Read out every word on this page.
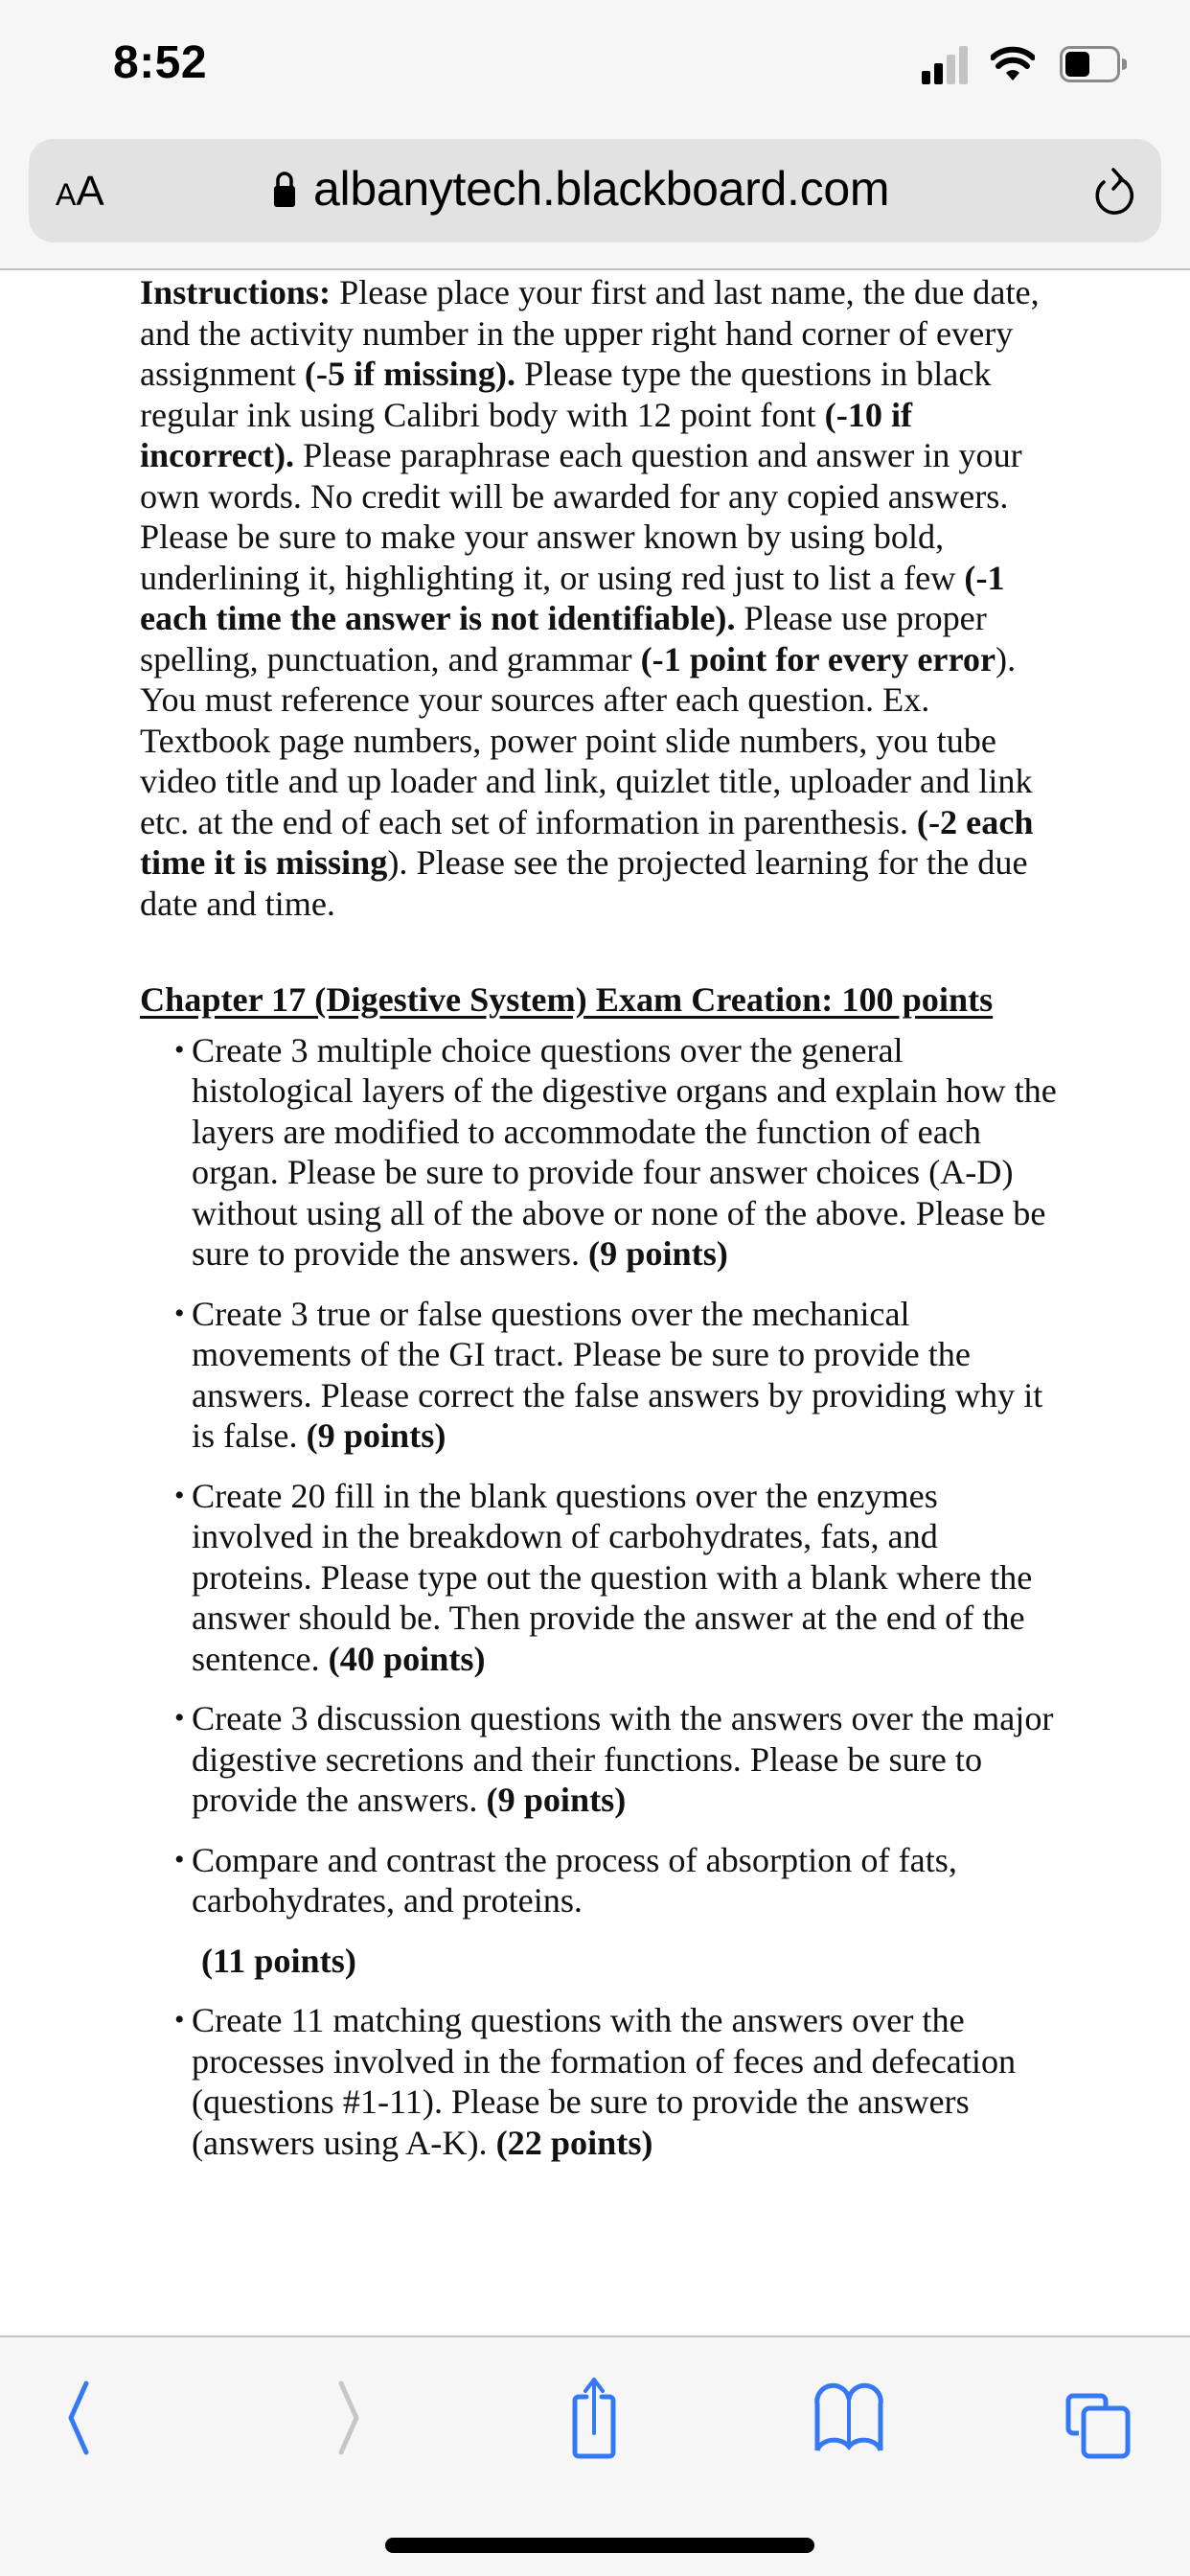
8:52
AA	albanytech.blackboard.com

Instructions: Please place your first and last name, the due date, and the activity number in the upper right hand corner of every assignment (-5 if missing). Please type the questions in black regular ink using Calibri body with 12 point font (-10 if incorrect). Please paraphrase each question and answer in your own words. No credit will be awarded for any copied answers. Please be sure to make your answer known by using bold, underlining it, highlighting it, or using red just to list a few (-1 each time the answer is not identifiable). Please use proper spelling, punctuation, and grammar (-1 point for every error). You must reference your sources after each question. Ex. Textbook page numbers, power point slide numbers, you tube video title and up loader and link, quizlet title, uploader and link etc. at the end of each set of information in parenthesis. (-2 each time it is missing). Please see the projected learning for the due date and time.

Chapter 17 (Digestive System) Exam Creation: 100 points
• Create 3 multiple choice questions over the general histological layers of the digestive organs and explain how the layers are modified to accommodate the function of each organ. Please be sure to provide four answer choices (A-D) without using all of the above or none of the above. Please be sure to provide the answers. (9 points)
• Create 3 true or false questions over the mechanical movements of the GI tract. Please be sure to provide the answers. Please correct the false answers by providing why it is false. (9 points)
• Create 20 fill in the blank questions over the enzymes involved in the breakdown of carbohydrates, fats, and proteins. Please type out the question with a blank where the answer should be. Then provide the answer at the end of the sentence. (40 points)
• Create 3 discussion questions with the answers over the major digestive secretions and their functions. Please be sure to provide the answers. (9 points)
• Compare and contrast the process of absorption of fats, carbohydrates, and proteins.
(11 points)
• Create 11 matching questions with the answers over the processes involved in the formation of feces and defecation (questions #1-11). Please be sure to provide the answers (answers using A-K). (22 points)
